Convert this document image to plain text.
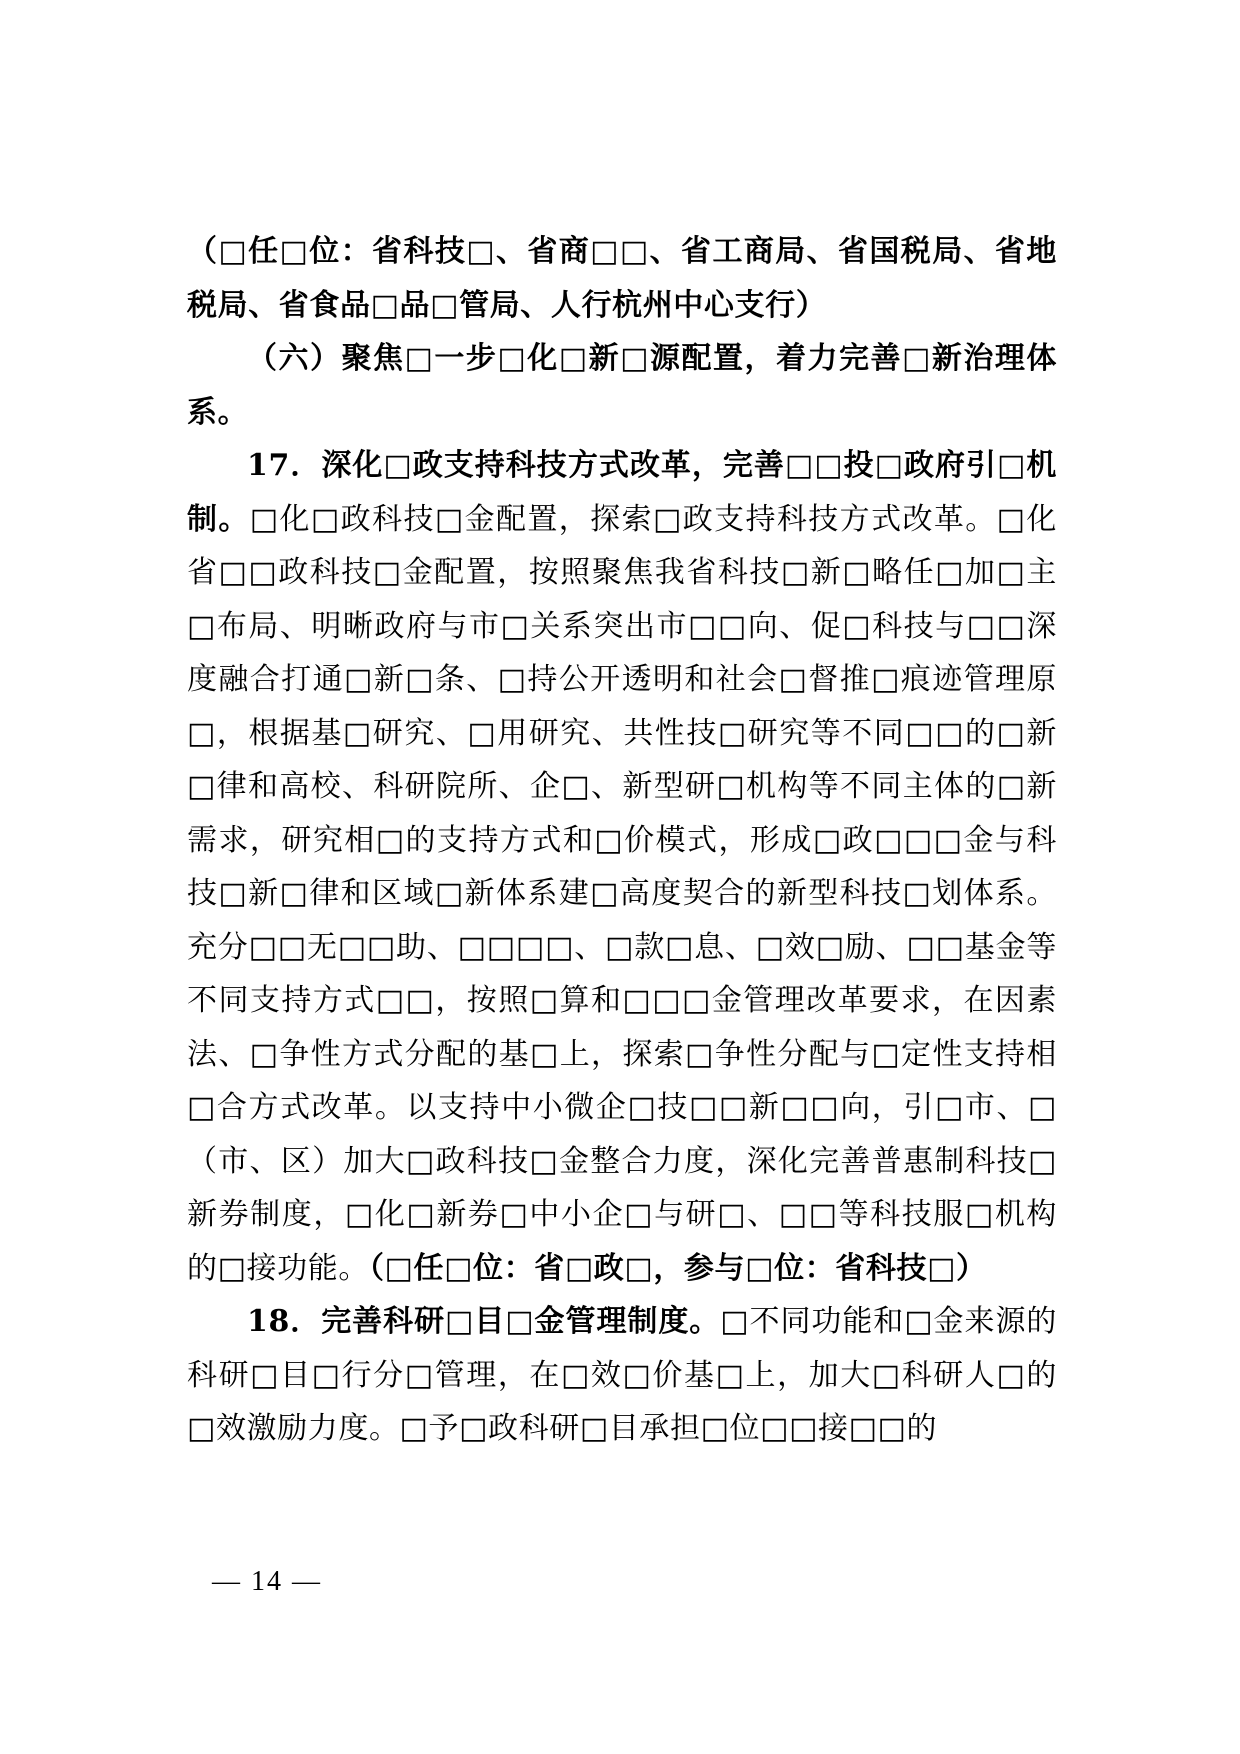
（□任□位：省科技□、省商□□、省工商局、省国税局、省地税局、省食品□品□管局、人行杭州中心支行）

（六）聚焦□一步□化□新□源配置，着力完善□新治理体系。

17．深化□政支持科技方式改革，完善□□投□政府引□机制。□化□政科技□金配置，探索□政支持科技方式改革。□化省□□政科技□金配置，按照聚焦我省科技□新□略任□加□主□布局、明晰政府与市□关系突出市□□向、促□科技与□□深度融合打通□新□条、□持公开透明和社会□督推□痕迹管理原□，根据基□研究、□用研究、共性技□研究等不同□□的□新□律和高校、科研院所、企□、新型研□机构等不同主体的□新需求，研究相□的支持方式和□价模式，形成□政□□□金与科技□新□律和区域□新体系建□高度契合的新型科技□划体系。充分□□无□□助、□□□□、□款□息、□效□励、□□基金等不同支持方式□□，按照□算和□□□金管理改革要求，在因素法、□争性方式分配的基□上，探索□争性分配与□定性支持相□合方式改革。以支持中小微企□技□□新□□向，引□市、□（市、区）加大□政科技□金整合力度，深化完善普惠制科技□新券制度，□化□新券□中小企□与研□、□□等科技服□机构的□接功能。（□任□位：省□政□，参与□位：省科技□）

18．完善科研□目□金管理制度。□不同功能和□金来源的科研□目□行分□管理，在□效□价基□上，加大□科研人□的□效激励力度。□予□政科研□目承担□位□□接□□的

— 14 —
